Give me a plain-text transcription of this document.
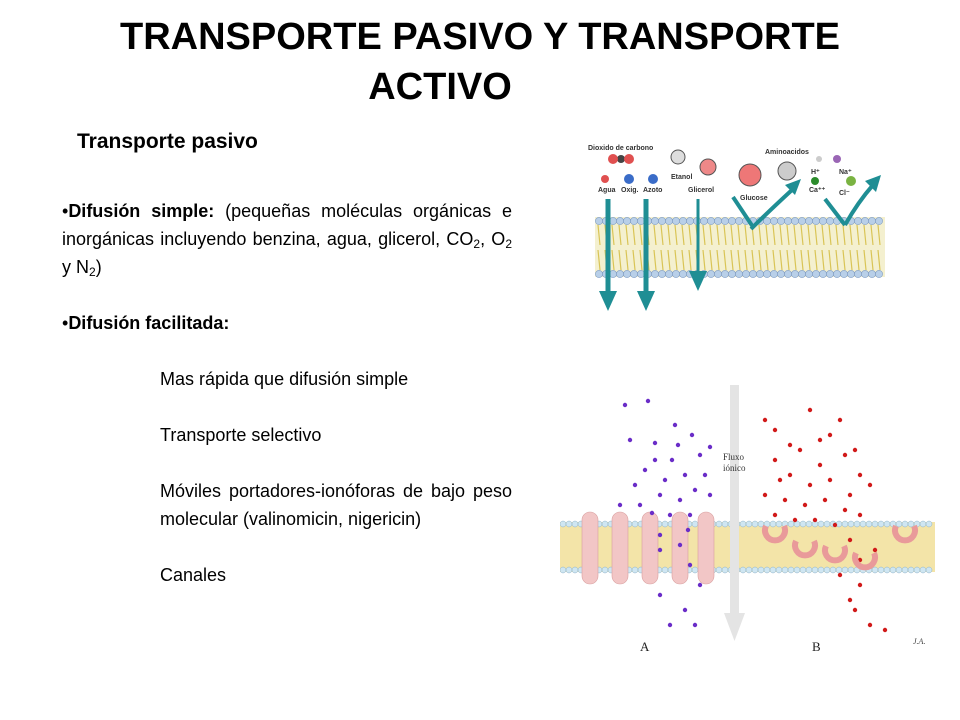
TRANSPORTE PASIVO Y TRANSPORTE
ACTIVO
Transporte pasivo

•Difusión simple: (pequeñas moléculas orgánicas e inorgánicas incluyendo benzina, agua, glicerol, $CO_2$, $O_2$ y $N_2$)

•Difusión facilitada:

Mas rápida que difusión simple

Transporte selectivo

Móviles portadores-ionóforas de bajo peso molecular (valinomicin, nigericin)

Canales

Dioxido de carbono
Agua Oxig. Azoto
Etanol
Glicerol
Aminoacidos
Glucose
H⁺	Na⁺
Ca⁺⁺ Cl⁻
Fluxo
iónico
A	B	J.A.
